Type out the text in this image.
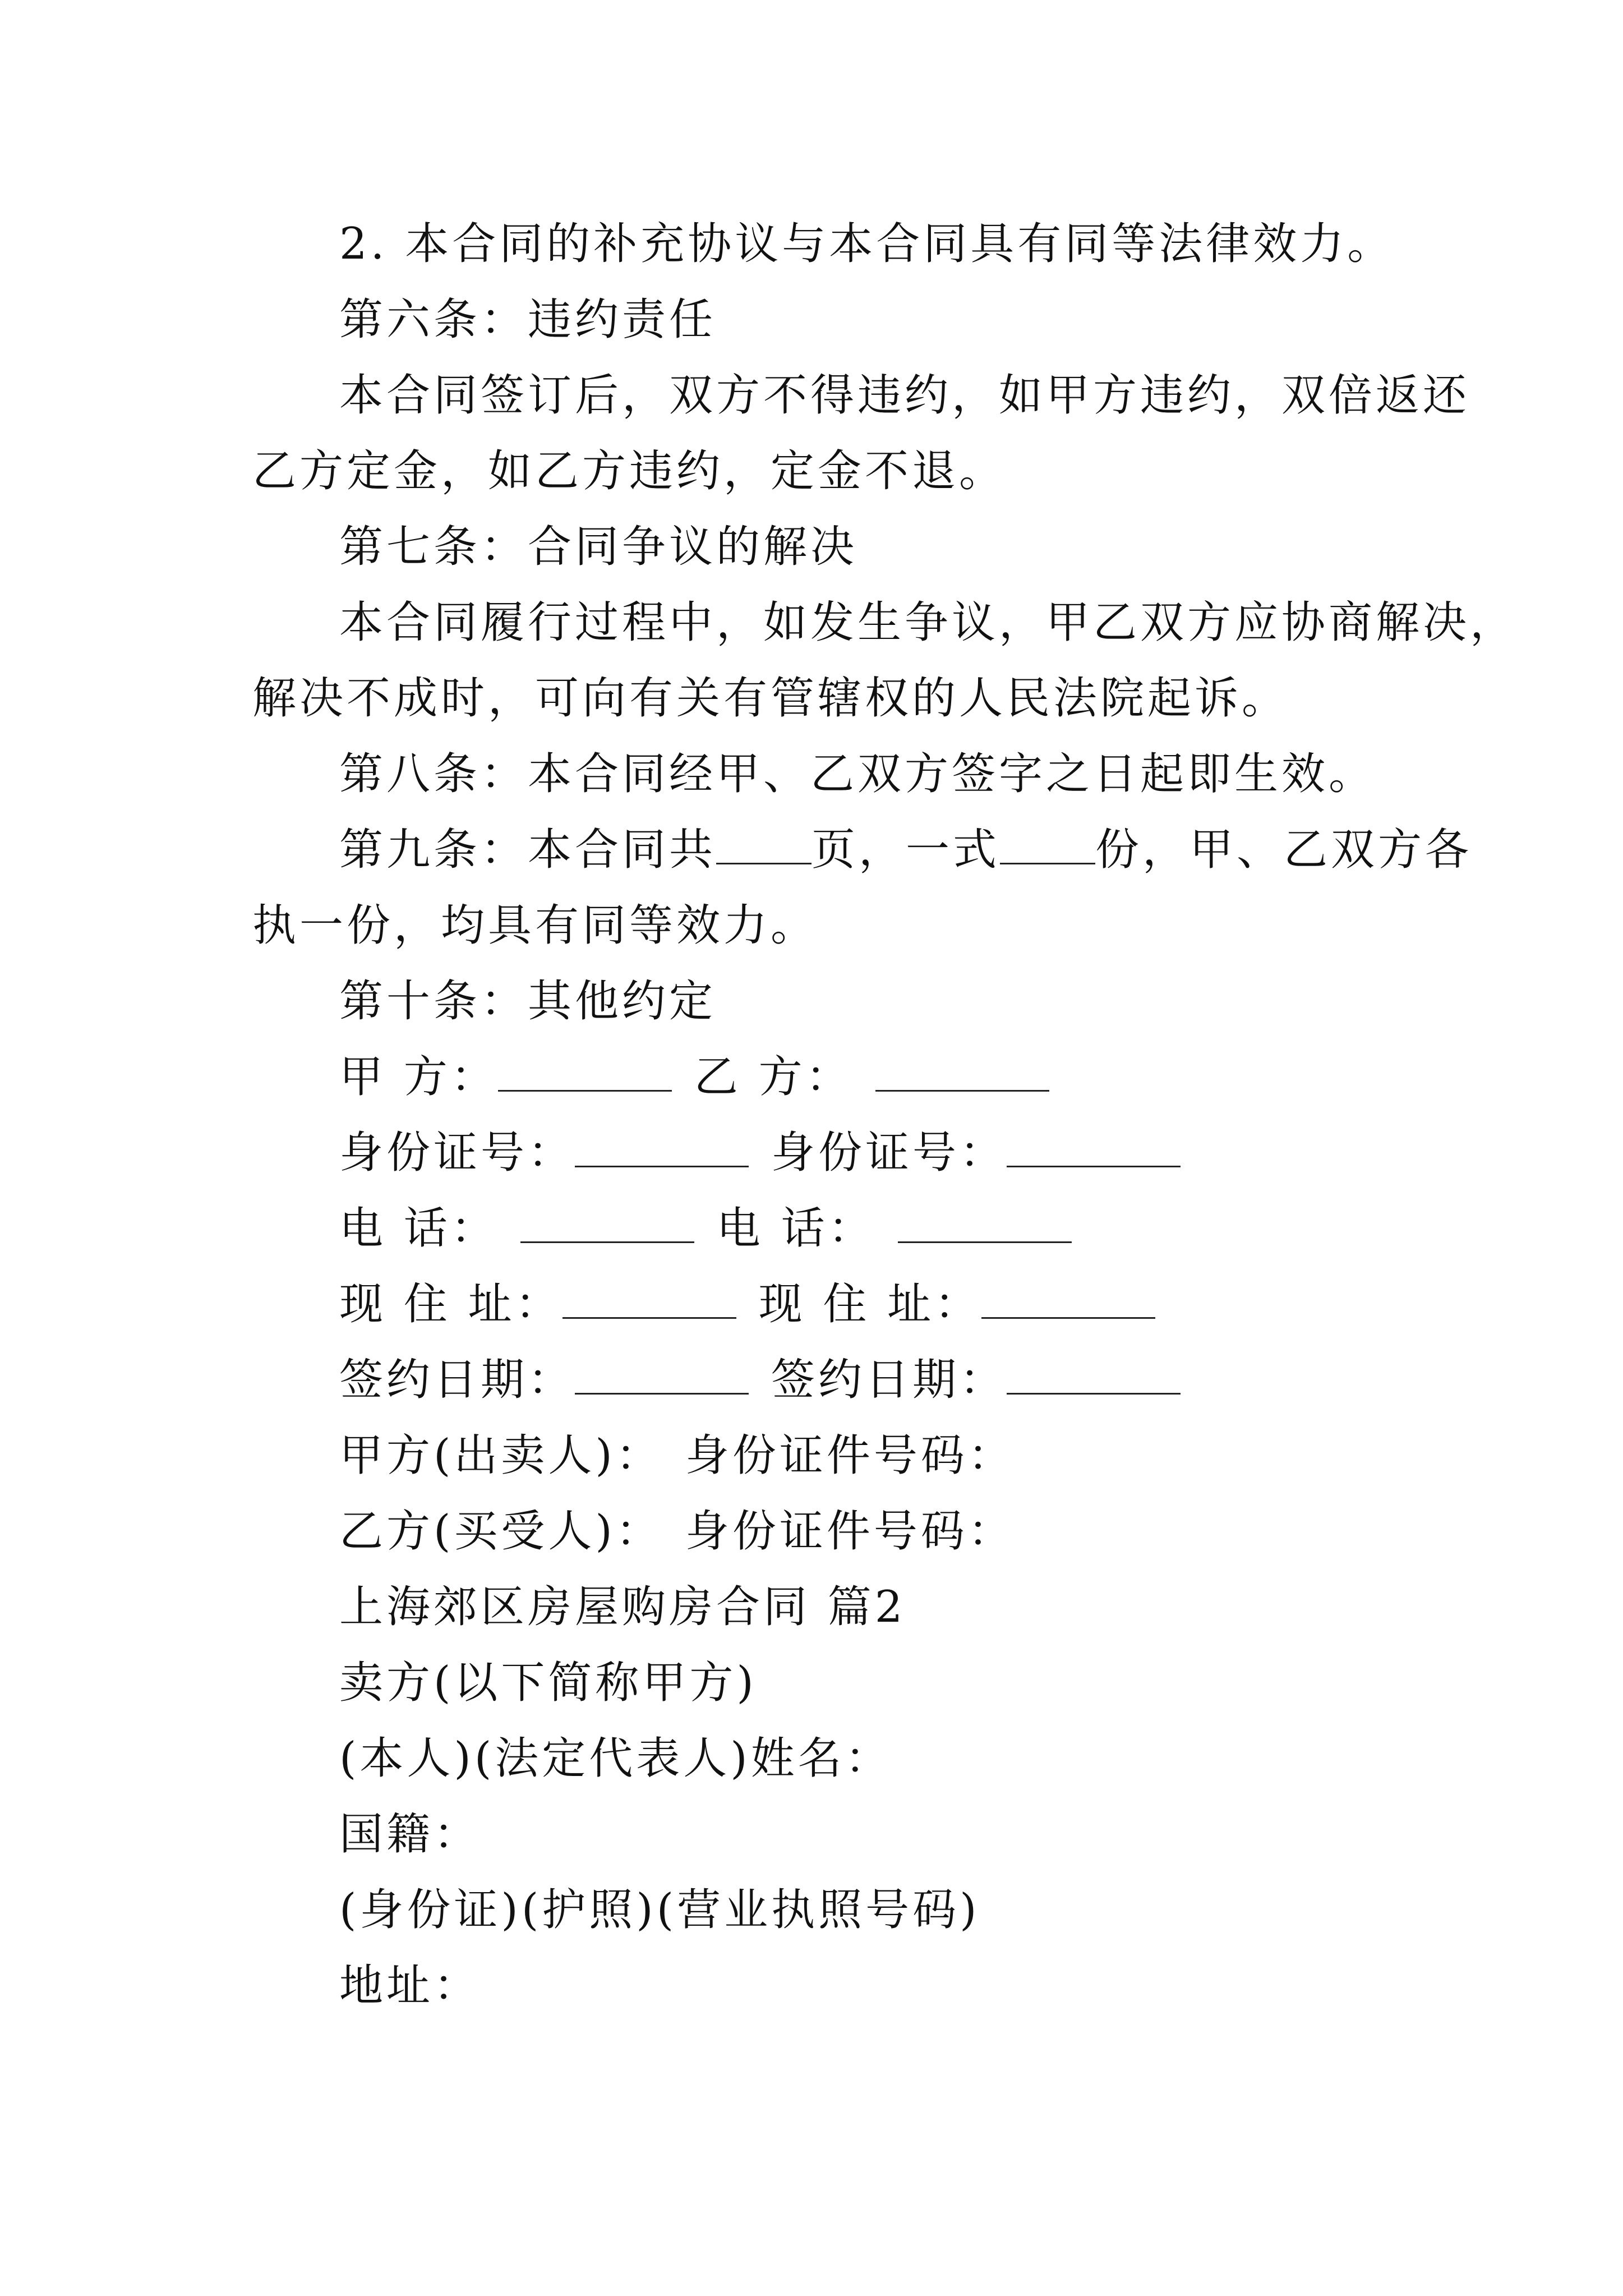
2. 本合同的补充协议与本合同具有同等法律效力。
第六条：违约责任
本合同签订后，双方不得违约，如甲方违约，双倍返还
乙方定金，如乙方违约，定金不退。
第七条：合同争议的解决
本合同履行过程中，如发生争议，甲乙双方应协商解决，
解决不成时，可向有关有管辖权的人民法院起诉。
第八条：本合同经甲、乙双方签字之日起即生效。
第九条：本合同共 页，一式 份，甲、乙双方各
执一份，均具有同等效力。
第十条：其他约定
甲 方：	乙 方：
身份证号：	身份证号：
电 话：	电 话：
现 住 址：	现 住 址：
签约日期：	签约日期：
甲方(出卖人)： 身份证件号码：
乙方(买受人)： 身份证件号码：
上海郊区房屋购房合同 篇2
卖方(以下简称甲方)
(本人)(法定代表人)姓名：
国籍：
(身份证)(护照)(营业执照号码)
地址：
